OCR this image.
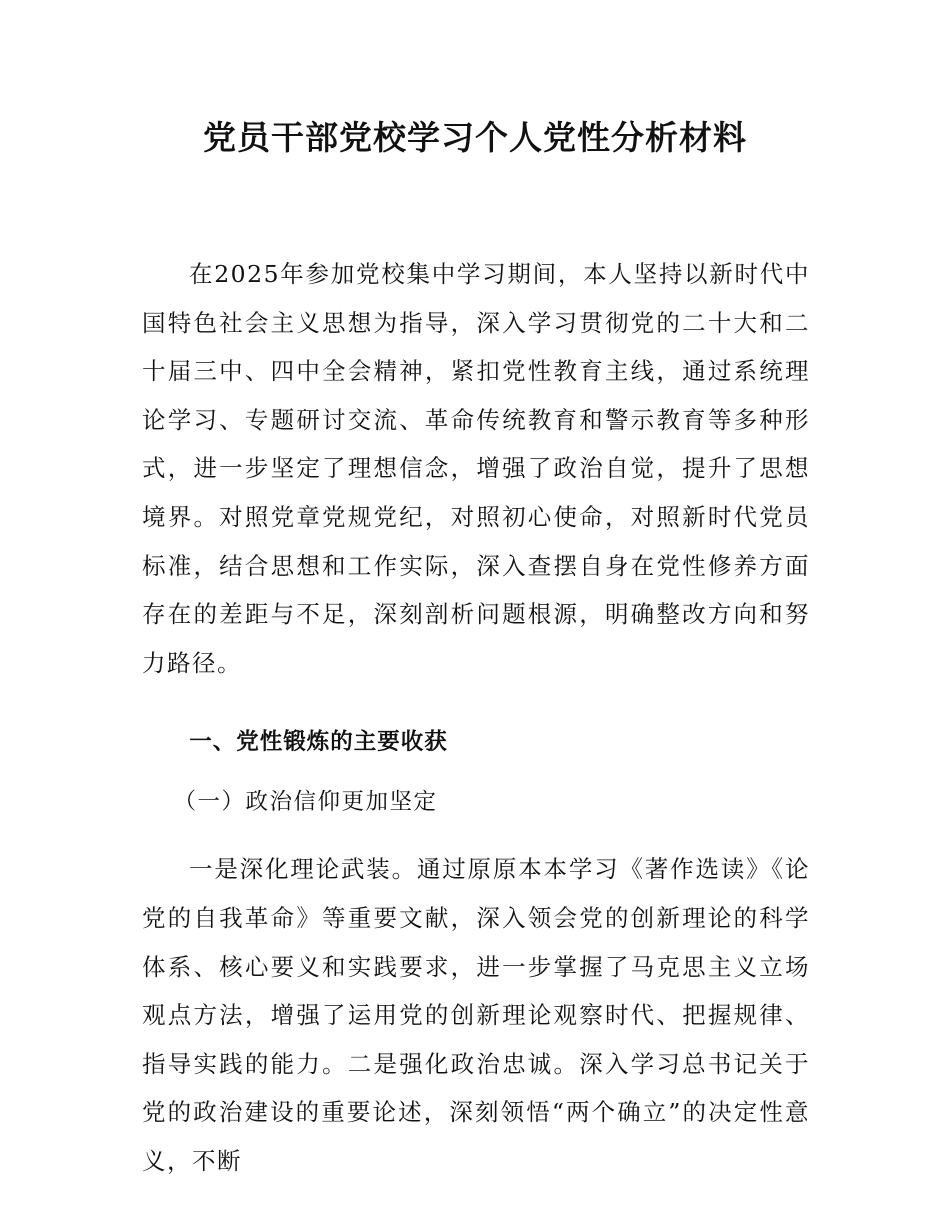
党员干部党校学习个人党性分析材料

在2025年参加党校集中学习期间，本人坚持以新时代中国特色社会主义思想为指导，深入学习贯彻党的二十大和二十届三中、四中全会精神，紧扣党性教育主线，通过系统理论学习、专题研讨交流、革命传统教育和警示教育等多种形式，进一步坚定了理想信念，增强了政治自觉，提升了思想境界。对照党章党规党纪，对照初心使命，对照新时代党员标准，结合思想和工作实际，深入查摆自身在党性修养方面存在的差距与不足，深刻剖析问题根源，明确整改方向和努力路径。

一、党性锻炼的主要收获

（一）政治信仰更加坚定

一是深化理论武装。通过原原本本学习《著作选读》《论党的自我革命》等重要文献，深入领会党的创新理论的科学体系、核心要义和实践要求，进一步掌握了马克思主义立场观点方法，增强了运用党的创新理论观察时代、把握规律、指导实践的能力。二是强化政治忠诚。深入学习总书记关于党的政治建设的重要论述，深刻领悟“两个确立”的决定性意义，不断
